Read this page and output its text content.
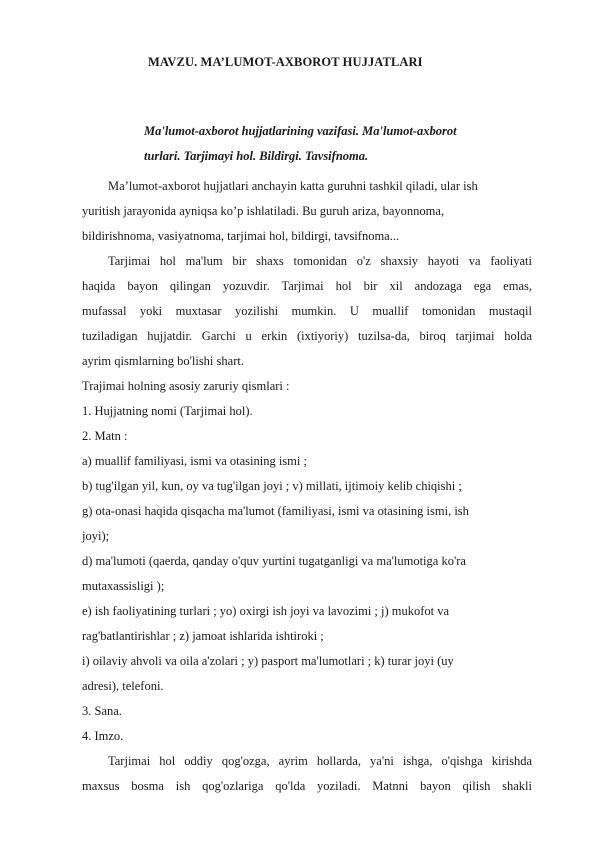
MAVZU. MA’LUMOT-AXBOROT HUJJATLARI
Ma'lumot-axborot hujjatlarining vazifasi. Ma'lumot-axborot
turlari. Tarjimayi hol. Bildirgi. Tavsifnoma.
Ma’lumot-axborot hujjatlari anchayin katta guruhni tashkil qiladi, ular ish
yuritish jarayonida ayniqsa ko’p ishlatiladi. Bu guruh ariza, bayonnoma,
bildirishnoma, vasiyatnoma, tarjimai hol, bildirgi, tavsifnoma...
Tarjimai hol ma'lum bir shaxs tomonidan o'z shaxsiy hayoti va faoliyati
haqida bayon qilingan yozuvdir. Tarjimai hol bir xil andozaga ega emas,
mufassal yoki muxtasar yozilishi mumkin. U muallif tomonidan mustaqil
tuziladigan hujjatdir. Garchi u erkin (ixtiyoriy) tuzilsa-da, biroq tarjimai holda
ayrim qismlarning bo'lishi shart.
Trajimai holning asosiy zaruriy qismlari :
1. Hujjatning nomi (Tarjimai hol).
2. Matn :
a) muallif familiyasi, ismi va otasining ismi ;
b) tug'ilgan yil, kun, oy va tug'ilgan joyi ; v) millati, ijtimoiy kelib chiqishi ;
g) ota-onasi haqida qisqacha ma'lumot (familiyasi, ismi va otasining ismi, ish
joyi);
d) ma'lumoti (qaerda, qanday o'quv yurtini tugatganligi va ma'lumotiga ko'ra
mutaxassisligi );
e) ish faoliyatining turlari ; yo) oxirgi ish joyi va lavozimi ; j) mukofot va
rag'batlantirishlar ; z) jamoat ishlarida ishtiroki ;
i) oilaviy ahvoli va oila a'zolari ; y) pasport ma'lumotlari ; k) turar joyi (uy
adresi), telefoni.
3. Sana.
4. Imzo.
Tarjimai hol oddiy qog'ozga, ayrim hollarda, ya'ni ishga, o'qishga kirishda
maxsus bosma ish qog'ozlariga qo'lda yoziladi. Matnni bayon qilish shakli
